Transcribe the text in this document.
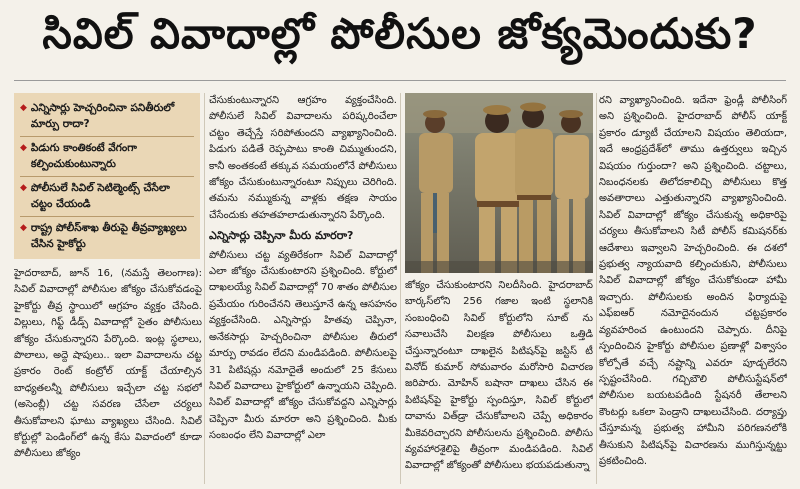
సివిల్ వివాదాల్లో పోలీసుల జోక్యమెందుకు?
◆ ఎన్నిసార్లు హెచ్చరించినా పనితీరులో మార్పు రాదా?
◆ పిడుగు కాంతికంటే వేగంగా కల్పించుకుంటున్నారు
◆ పోలీసులే సివిల్ సెటిల్మెంట్స్ చేసేలా చట్టం చేయండి
◆ రాష్ట్ర పోలీస్‌శాఖ తీరుపై తీవ్రవ్యాఖ్యలు చేసిన హైకోర్టు

హైదరాబాద్, జూన్ 16, (నమస్తే తెలంగాణ): సివిల్ వివాదాల్లో పోలీసుల జోక్యం చేసుకోవడంపై హైకోర్టు తీవ్ర స్థాయిలో ఆగ్రహం వ్యక్తం చేసింది. విల్లులు, గిఫ్ట్ డీడ్స్ వివాదాల్లో సైతం పోలీసులు జోక్యం చేసుకున్నారని పేర్కొంది. ఇంట్ల స్థలాలు, పొలాలు, అద్దె షాపులు.. ఇలా వివాదాలను చట్ట ప్రకారం రెంట్ కంట్రోల్ యాక్ట్ చేయాల్సిన బాధ్యతలన్నీ పోలీసులు ఇచ్చేలా చట్ట సభలో (అసెంబ్లీ) చట్ట సవరణ చేసేలా చర్యలు తీసుకోవాలని ఘాటు వ్యాఖ్యలు చేసింది. సివిల్ కోర్టుల్లో పెండింగ్‌లో ఉన్న కేసు వివాదంలో కూడా పోలీసులు జోక్యం

చేసుకుంటున్నారని ఆగ్రహం వ్యక్తంచేసింది. పోలీసులే సివిల్ వివాదాలను పరిష్కరించేలా చట్టం తెచ్చేస్తే సరిపోతుందని వ్యాఖ్యానించింది. పిడుగు పడితే రెప్పపాటు కాంతి చిమ్ముతుందని, కానీ అంతకంటే తక్కువ సమయంలోనే పోలీసులు జోక్యం చేసుకుంటున్నారంటూ నిప్పులు చెరిగింది. తమను నమ్ముకున్న వాళ్లకు తక్షణ సాయం చేసేందుకు తహతహలాడుతున్నారని పేర్కొంది.

ఎన్నిసార్లు చెప్పినా మీరు మారరా?

పోలీసులు చట్ట వ్యతిరేకంగా సివిల్ వివాదాల్లో ఎలా జోక్యం చేసుకుంటారని ప్రశ్నించింది. కోర్టులో దాఖలయ్యే సివిల్ వివాదాల్లో 70 శాతం పోలీసుల ప్రమేయం గురించేనని తెలుస్తూనే ఉన్న ఆసహనం వ్యక్తంచేసింది. ఎన్నిసార్లు హితవు చెప్పినా, అనేకసార్లు హెచ్చరించినా పోలీసుల తీరులో మార్పు రావడం లేదని మండిపడింది. పోలీసులపై 31 పిటిషన్లు నమోదైతే అందులో 25 కేసులు సివిల్ వివాదాలు హైకోర్టులో ఉన్నాయని చెప్పింది. సివిల్ వివాదాల్లో జోక్యం చేసుకోవద్దని ఎన్నిసార్లు చెప్పినా మీరు మారరా అని ప్రశ్నించింది. మీకు సంబంధం లేని వివాదాల్లో ఎలా

జోక్యం చేసుకుంటారని నిలదీసింది. హైదరాబాద్ బార్కస్‌లోని 256 గజాల ఇంటి స్థలానికి సంబంధించి సివిల్ కోర్టులోని సూట్ ను సవాలుచేసి విలక్షణ పోలీసులు ఒత్తిడి చేస్తున్నారంటూ దాఖలైన పిటిషన్‌పై జస్టిస్ టీ వినోద్ కుమార్ సోమవారం మరోసారి విచారణ జరిపారు. మోహిన్ బషానా దాఖలు చేసిన ఈ పిటిషన్‌పై హైకోర్టు స్పందిస్తూ, సివిల్ కోర్టులో దావాను విత్‌డ్రా చేసుకోవాలని చెప్పే అధికారం మీకెవరిచ్చారని పోలీసులను ప్రశ్నించింది. పోలీసు వ్యవహారశైలిపై తీవ్రంగా మండిపడింది. సివిల్ వివాదాల్లో జోక్యంతో పోలీసులు భయపడుతున్నా

రని వ్యాఖ్యానించింది. ఇదేనా ఫ్రెండ్లీ పోలీసింగ్ అని ప్రశ్నించింది. హైదరాబాద్ పోలీస్ యాక్ట్ ప్రకారం డ్యూటీ చేయాలని విషయం తెలియదా, ఇదే ఆంధ్రప్రదేశ్‌లో తాము ఉత్తర్వులు ఇచ్చిన విషయం గుర్తుందా? అని ప్రశ్నించింది. చట్టాలు, నిబంధనలకు తిలోదకాలిచ్చి పోలీసులు కొత్త అవతారాలు ఎత్తుతున్నారని వ్యాఖ్యానించింది. సివిల్ వివాదాల్లో జోక్యం చేసుకున్న అధికారిపై చర్యలు తీసుకోవాలని సిటీ పోలీస్ కమిషనర్‌కు ఆదేశాలు ఇవ్వాలని హెచ్చరించింది. ఈ దశలో ప్రభుత్వ న్యాయవాది కల్పించుకుని, పోలీసులు సివిల్ వివాదాల్లో జోక్యం చేసుకోకుండా హామీ ఇచ్చారు. పోలీసులకు అందిన ఫిర్యాదుపై ఎఫ్ఐఆర్ నమోదైనందున చట్టప్రకారం వ్యవహరించ ఉంటుందని చెప్పారు. దీనిపై స్పందించిన హైకోర్టు పోలీసుల ప్రణాళ్లో విశ్వాసం కోల్పోతే వచ్చే నష్టాన్ని ఎవరూ పూడ్చలేరని స్పష్టంచేసింది. గచ్చిబౌలి పోలీసుస్టేషన్‌లో పోలీసుల బయటపడింది స్టేషనరీ తేలాలని కౌంటర్లు ఒకలా పెండ్రాని దాఖలుచేసింది. దర్యాప్తు చేస్తూమన్న ప్రభుత్వ హామీని పరిగణనలోకి తీసుకుని పిటిషన్‌పై విచారణను ముగిస్తున్నట్టు ప్రకటించింది.
